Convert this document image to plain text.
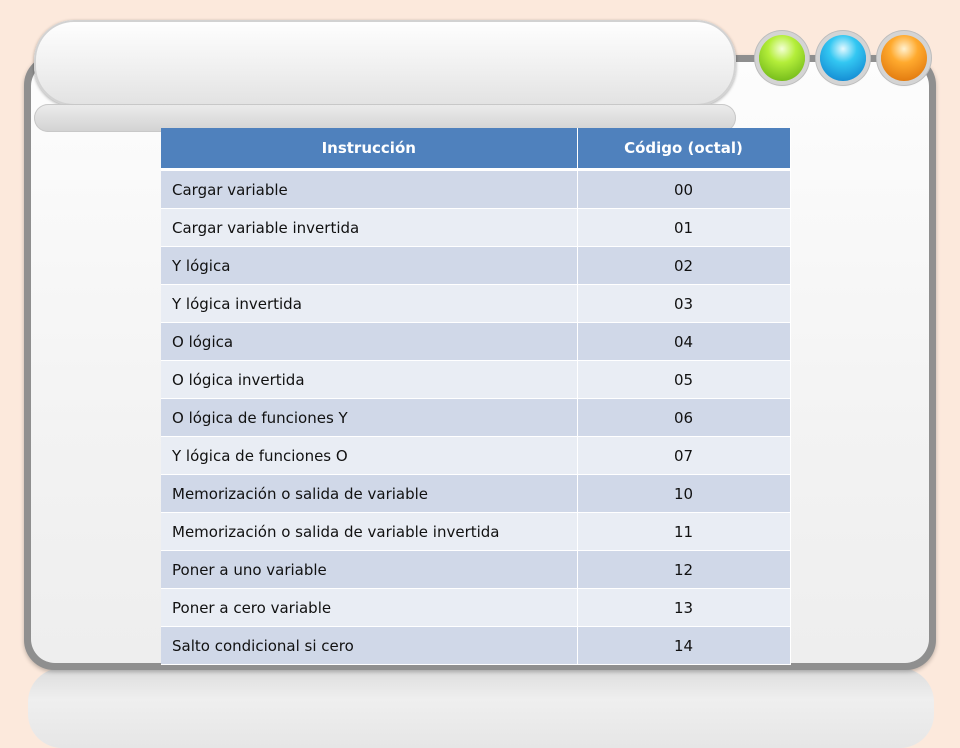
Instrucción	Código (octal)
Cargar variable	00
Cargar variable invertida	01
Y lógica	02
Y lógica invertida	03
O lógica	04
O lógica invertida	05
O lógica de funciones Y	06
Y lógica de funciones O	07
Memorización o salida de variable	10
Memorización o salida de variable invertida	11
Poner a uno variable	12
Poner a cero variable	13
Salto condicional si cero	14
